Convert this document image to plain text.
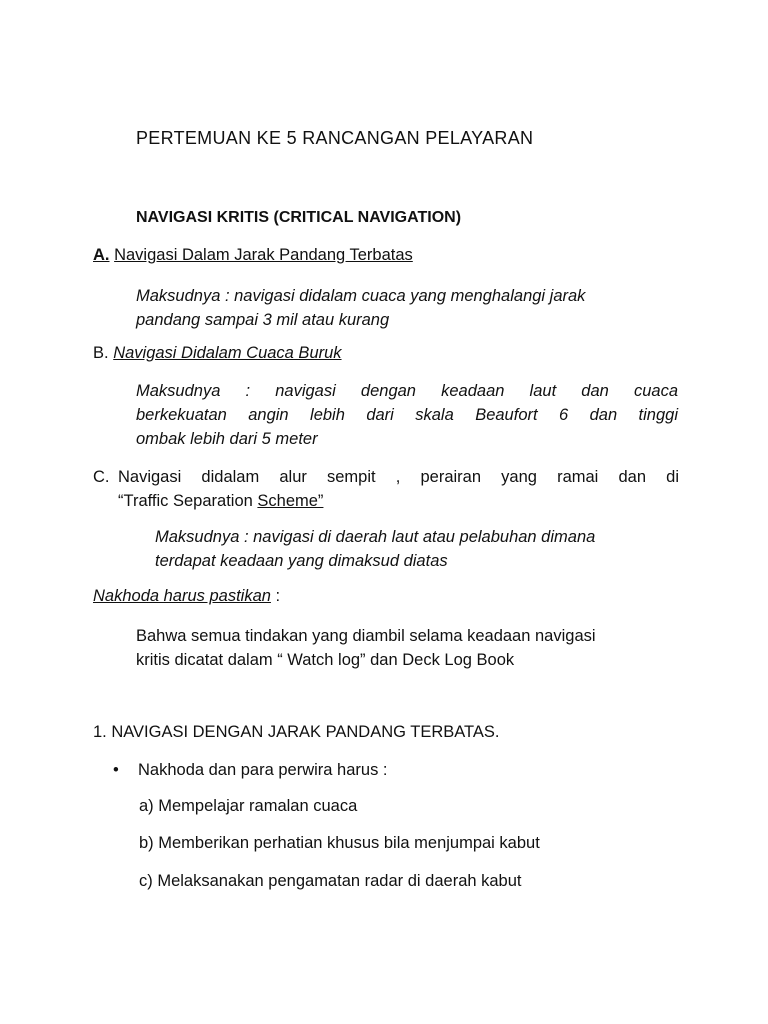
PERTEMUAN KE 5 RANCANGAN PELAYARAN
NAVIGASI KRITIS (CRITICAL NAVIGATION)
A. Navigasi Dalam Jarak Pandang Terbatas
Maksudnya : navigasi didalam cuaca yang menghalangi jarak
pandang sampai 3 mil atau kurang
B. Navigasi Didalam Cuaca Buruk
Maksudnya : navigasi dengan keadaan laut dan cuaca
berkekuatan angin lebih dari skala Beaufort 6 dan tinggi
ombak lebih dari 5 meter
C. Navigasi didalam alur sempit , perairan yang ramai dan di
“Traffic Separation Scheme”
Maksudnya : navigasi di daerah laut atau pelabuhan dimana
terdapat keadaan yang dimaksud diatas
Nakhoda harus pastikan :
Bahwa semua tindakan yang diambil selama keadaan navigasi
kritis dicatat dalam “ Watch log” dan Deck Log Book
1. NAVIGASI DENGAN JARAK PANDANG TERBATAS.
• Nakhoda dan para perwira harus :
a) Mempelajar ramalan cuaca
b) Memberikan perhatian khusus bila menjumpai kabut
c) Melaksanakan pengamatan radar di daerah kabut
